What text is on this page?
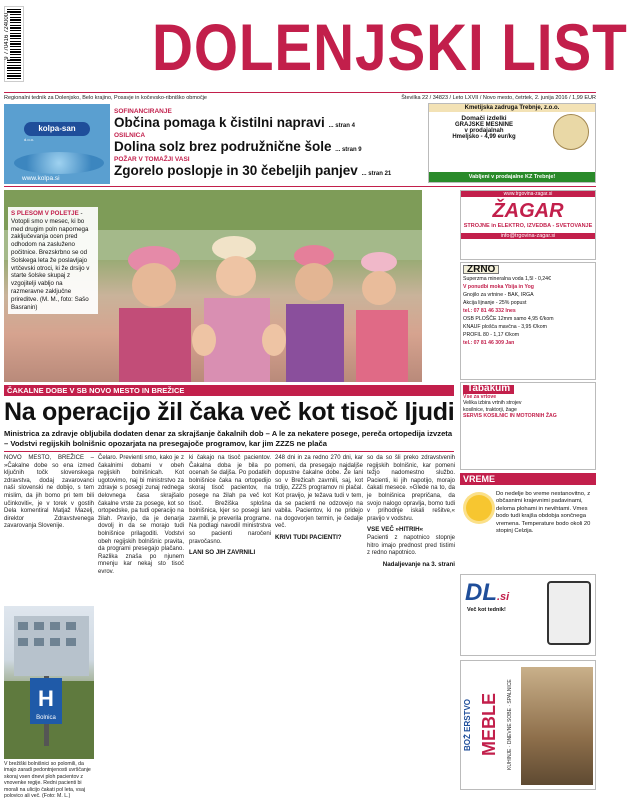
9 770416 724000 DOLENJSKI LIST
Regionalni tednik za Dolenjsko, Belo krajino, Posavje in kočevsko-ribniško območje	Številka 22 / 34823 / Leto LXVII / Novo mesto, četrtek, 2. junija 2016 / 1,99 EUR
kolpa-san
d.o.o.
www.kolpa.si
SOFINANCIRANJE
Občina pomaga k čistilni napravi ... stran 4
OSILNICA
Dolina solz brez podružnične šole ... stran 9
POŽAR V TOMAŽJI VASI
Zgorelo poslopje in 30 čebeljih panjev ... stran 21
Kmetijska zadruga Trebnje, z.o.o.
Domači izdelki
GRAJSKE MESNINE
v prodajalnah
Hmeljsko - 4,99 eur/kg
Vabljeni v prodajalne KZ Trebnje!
S PLESOM V POLETJE - Votopli smo v mesec, ki bo med drugim poln napornega zaključevanja ocen pred odhodom na zasluženo počitnice. Brezskrbno se od Solskega leta že poslavljajo vrtčevski otroci, ki že drsijo v starte šolske skupaj z vzgojitelji vabljo na razmeravne zaključne prireditve. (M. M., foto: Sašo Basranin)
www.trgovina-zagar.si
ŽAGAR
STROJNE in ELEKTRO, IZVEDBA - SVETOVANJE
info@trgovina-zagar.si
ZRNO
Superzma mineralna voda 1,5l - 0,24€
V ponudbi moka Ybija in Yog
Gnojilo za vrtnine - BAK, IRGA
Akcija lijnanje - 25% popust
tel.: 07 81 46 332 Ines
OSB PLOŠČE 12mm samo 4,95 €/kom
KNAUF plošča mavčna - 3,95 €/kom
PROFIL 80 - 1,17 €/kom
tel.: 07 81 46 309 Jan
Tabakum
Vse za vrtove
Velika izbira vrtnih strojev
kosilnice, traktorji, žage
SERVIS KOSILNIC IN MOTORNIH ŽAG
ČAKALNE DOBE V SB NOVO MESTO IN BREŽICE
Na operacijo žil čaka več kot tisoč ljudi
Ministrica za zdravje obljubila dodaten denar za skrajšanje čakalnih dob – A le za nekatere posege, pereča ortopedija izvzeta – Vodstvi regijskih bolnišnic opozarjata na presegajoče programov, kar jim ZZZS ne plača
NOVO MESTO, BREŽICE – »Čakalne dobe so ena izmed ključnih točk slovenskega zdravstva, dodaj zavarovanci naši slovenski ne dobijo, s tem mislim, da jih bomo pri tem bili učinkoviti«, je v torek v gostih Dela komentiral Matjaž Mazelj, direktor Zdravstvenega zavarovanja Slovenije.
H
Bolnica
V brežiški bolnišnici so polomili, da imajo zaradi pedontnjenosti uvrščanje skoraj vsen dnevi ploh pacientov z vnovenke regije. Redni pacienti bi morali na ulicijo čakati pol leta, vsaj polovico ali več. (Foto: M. L.)
Čelaro. Previenti smo, kako je z čakalnimi dobami v obeh regijskih bolnišnicah. Kot ugotovimo, naj bi ministrstvo za zdravje s posegi zunaj rednega delovnega časa skrajšalo čakalne vrste za posege, kot so ortopedske, pa tudi operacijo na žilah. Pravijo, da je denarja dovolj in da se morajo tudi bolnišnice prilagoditi. Vodstvi obeh regijskih bolnišnic pravita, da programi presegajo plačano. Razlika znaša po njunem mnenju kar nekaj sto tisoč evrov.
ki čakajo na tisoč pacientov. Čakalna doba je bila po ocenah še daljša. Po podatkih bolnišnice čaka na ortopedijo skoraj tisoč pacientov, na posege na žilah pa več kot tisoč. Brežiška splošna bolnišnica, kjer so posegi lani zavrnili, je preverila programe. Na podlagi navodil ministrstva so pacienti naročeni pravočasno.
LANI SO JIH ZAVRNILI
248 dni in za redno 270 dni, kar pomeni, da presegajo najdaljše dopustne čakalne dobe. Že lani so v Brežicah zavrnili, saj, kot trdijo, ZZZS programov ni plačal. Kot pravijo, je težava tudi v tem, da se pacienti ne odzovejo na vabila. Pacientov, ki ne pridejo na dogovorjen termin, je čedalje več.
KRIVI TUDI PACIENTI?
so da so šli preko zdravstvenih regijskih bolnišnic, kar pomeni težjo nadomestno službo. Pacienti, ki jih napotijo, morajo čakati mesece. »Glede na to, da je bolnišnica prepričana, da svojo nalogo opravlja, bomo tudi v prihodnje iskali rešitve,« pravijo v vodstvu.
VSE VEČ »HITRIH«
Pacienti z napotnico stopnje hitro imajo prednost pred tistimi z redno napotnico.
Nadaljevanje na 3. strani
VREME
Do nedelje bo vreme nestanovitno, z občasnimi krajevnimi padavinami, deloma plohami in nevihtami. Vmes bodo tudi krajša obdobja sončnega vremena. Temperature bodo okoli 20 stopinj Celzija.
DL.si
Več kot tednik!
BOŽ ERSTVO MEBLE	KUHINJE · DNEVNE SOBE · SPALNICE
